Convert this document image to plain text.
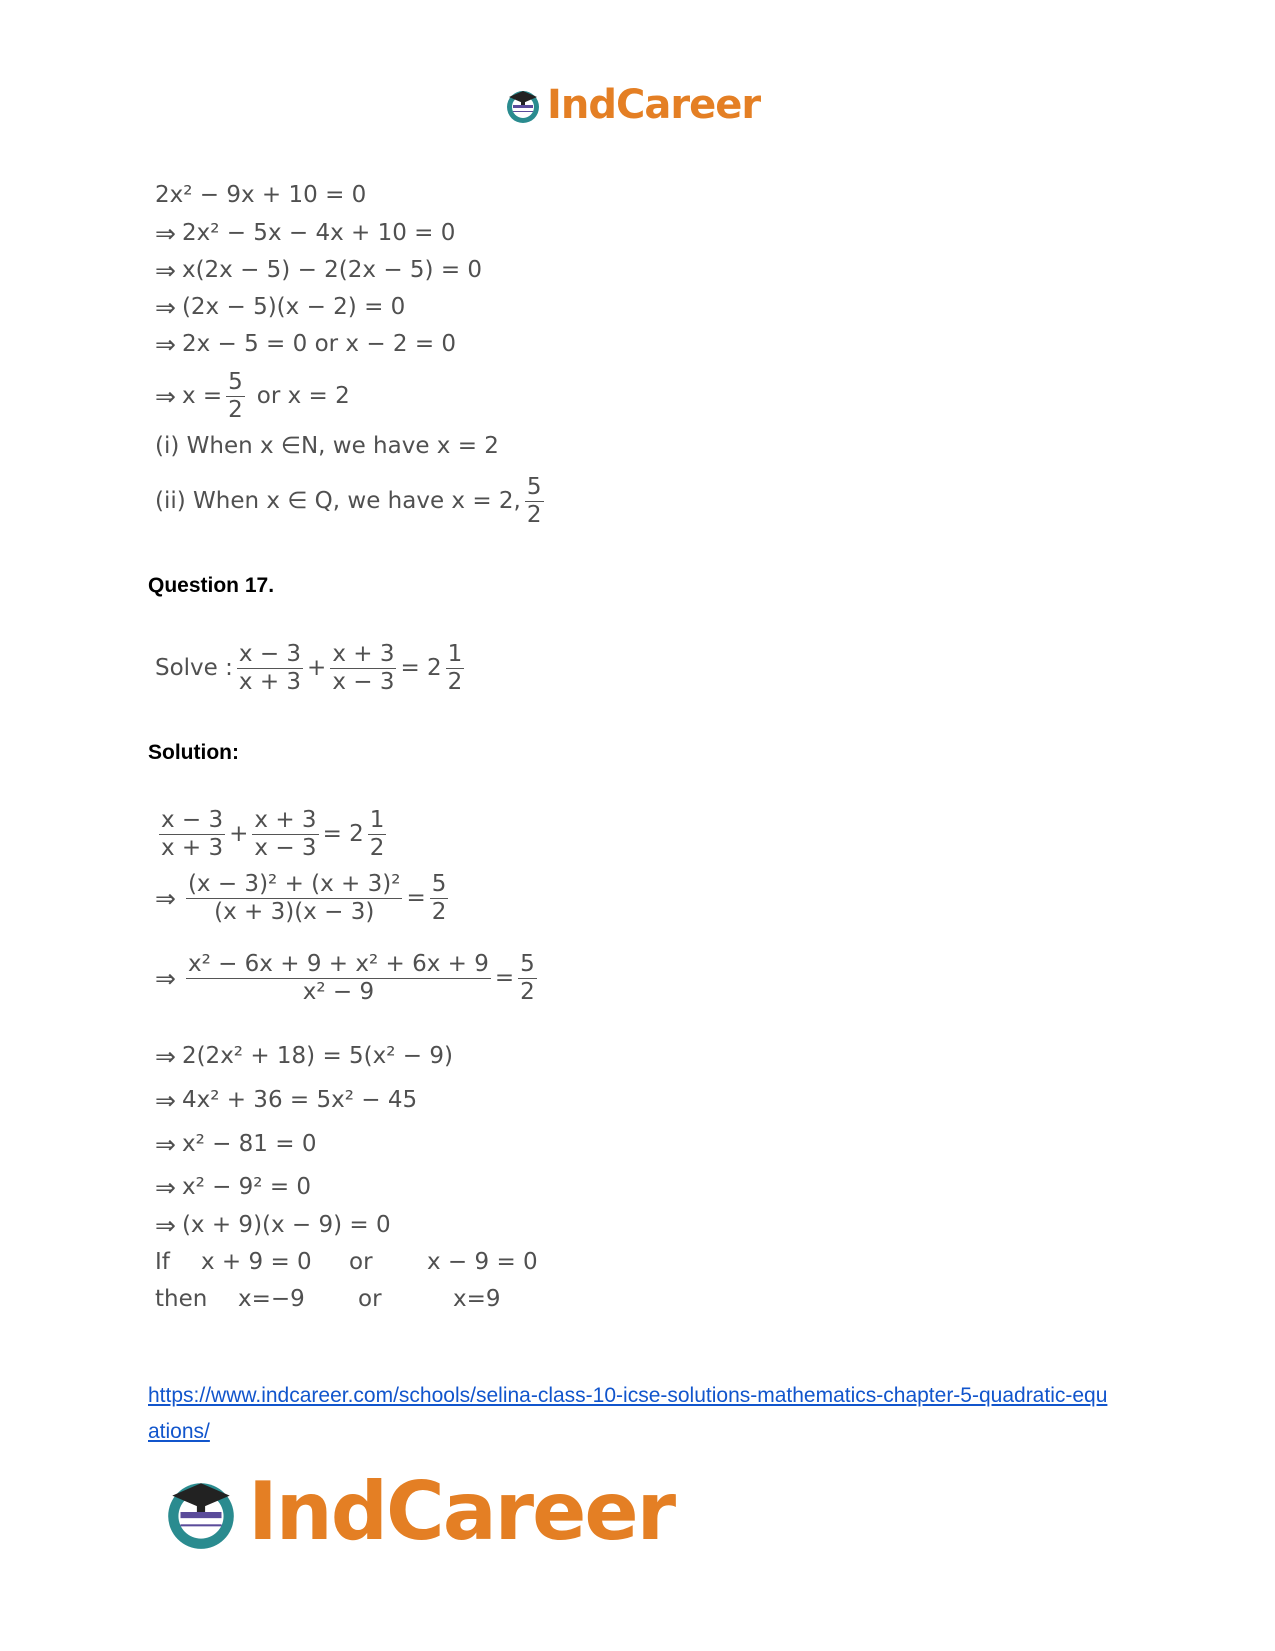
IndCareer
2x² − 9x + 10 = 0
⇒ 2x² − 5x − 4x + 10 = 0
⇒ x(2x − 5) − 2(2x − 5) = 0
⇒ (2x − 5)(x − 2) = 0
⇒ 2x − 5 = 0 or x − 2 = 0
⇒ $x = \frac{5}{2}$ or x = 2
(i) When x ∈N, we have x = 2
(ii) When x ∈ Q, we have x = 2, $\frac{5}{2}$
Question 17.
Solve : $\frac{x - 3}{x + 3} + \frac{x + 3}{x - 3} = 2 \frac{1}{2}$
Solution:
$\frac{x - 3}{x + 3} + \frac{x + 3}{x - 3} = 2 \frac{1}{2}$
⇒ $\frac{\text{(x − 3)² + (x + 3)²}}{(x + 3)(x - 3)} = \frac{5}{2}$
⇒ $\frac{\text{x² − 6x + 9 + x² + 6x + 9}}{\text{x² − 9}} = \frac{5}{2}$
⇒ 2(2x² + 18) = 5(x² − 9)
⇒ 4x² + 36 = 5x² − 45
⇒ x² − 81 = 0
⇒ x² − 9² = 0
⇒ (x + 9)(x − 9) = 0
If	x + 9 = 0	or	x − 9 = 0
then	x=−9	or	x=9
https://www.indcareer.com/schools/selina-class-10-icse-solutions-mathematics-chapter-5-quadratic-equations/
IndCareer
